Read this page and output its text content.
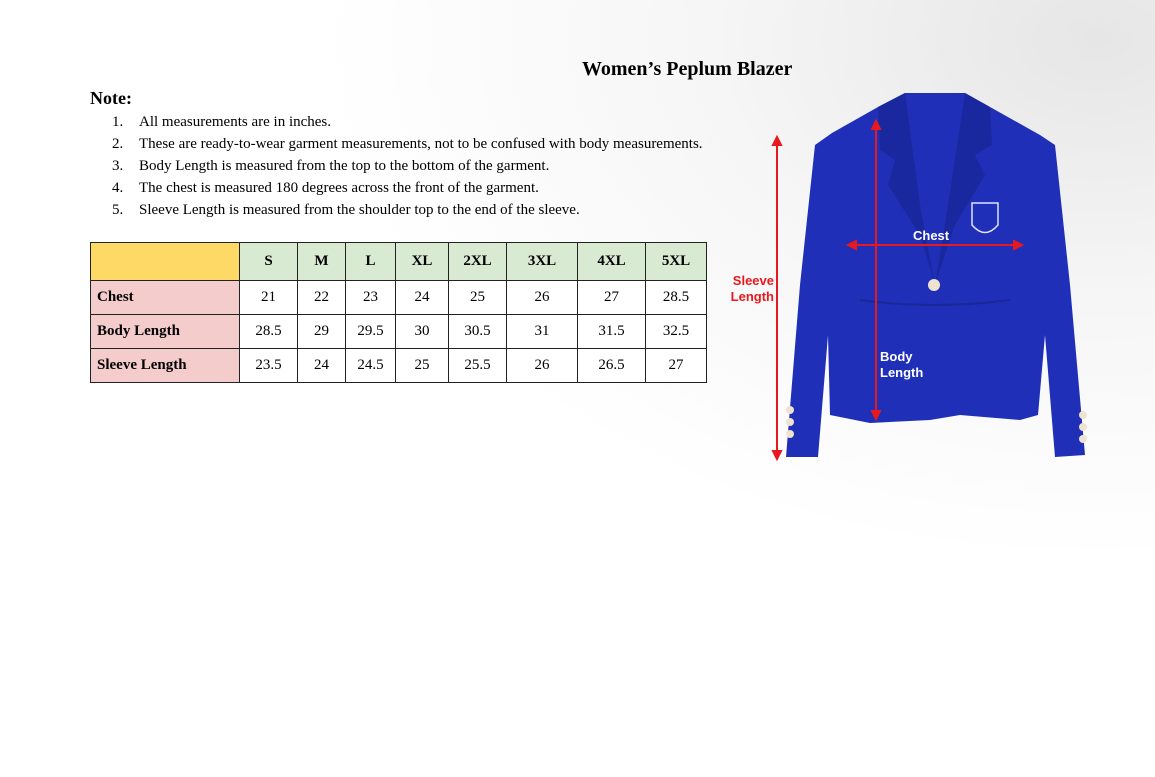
Women’s Peplum Blazer
Note:
1. All measurements are in inches.
2. These are ready-to-wear garment measurements, not to be confused with body measurements.
3. Body Length is measured from the top to the bottom of the garment.
4. The chest is measured 180 degrees across the front of the garment.
5. Sleeve Length is measured from the shoulder top to the end of the sleeve.
	S	M	L	XL	2XL	3XL	4XL	5XL
Chest	21	22	23	24	25	26	27	28.5
Body Length	28.5	29	29.5	30	30.5	31	31.5	32.5
Sleeve Length	23.5	24	24.5	25	25.5	26	26.5	27
Chest
Body
Length
Sleeve
Length
